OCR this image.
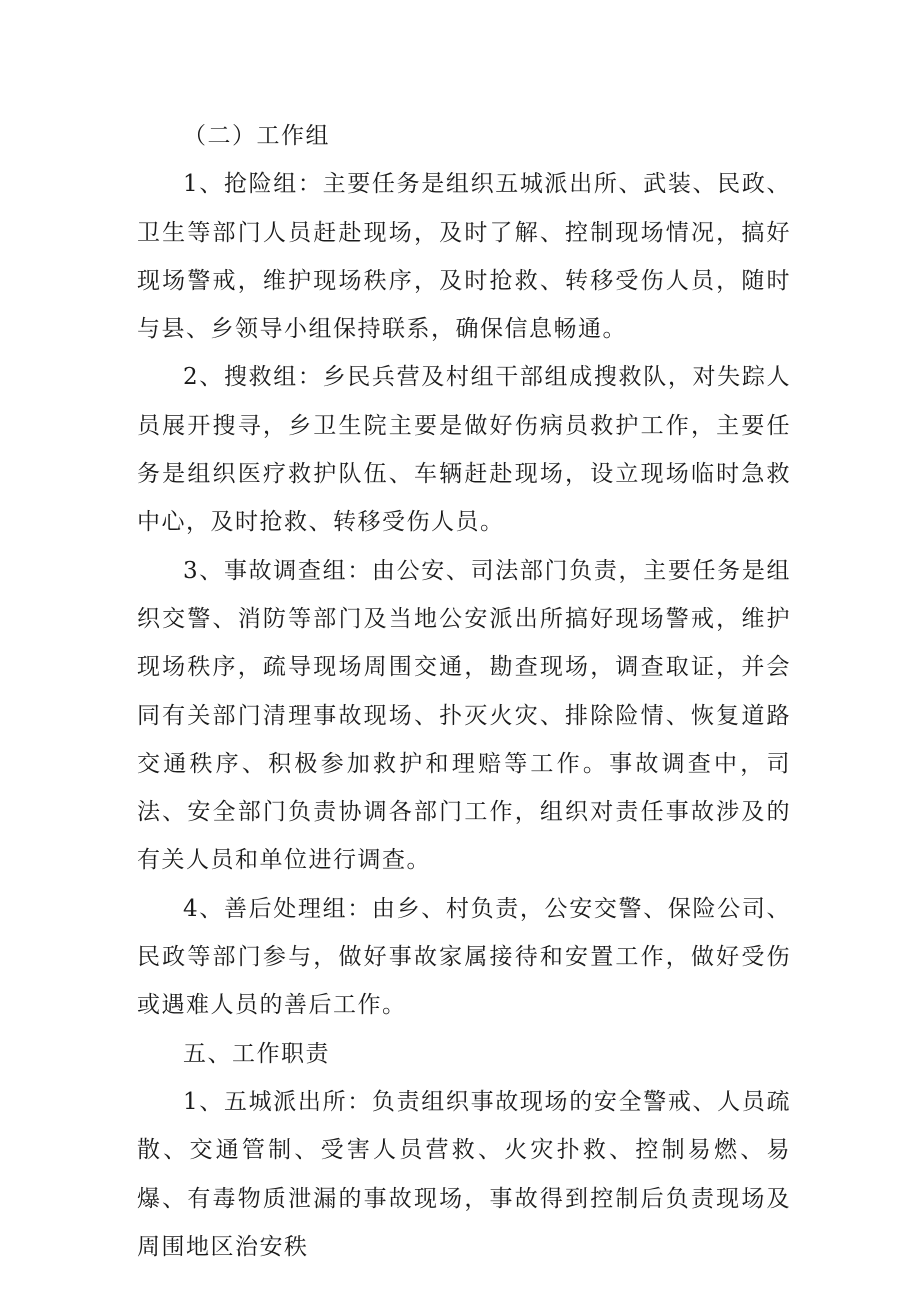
（二）工作组

1、抢险组：主要任务是组织五城派出所、武装、民政、卫生等部门人员赶赴现场，及时了解、控制现场情况，搞好现场警戒，维护现场秩序，及时抢救、转移受伤人员，随时与县、乡领导小组保持联系，确保信息畅通。

2、搜救组：乡民兵营及村组干部组成搜救队，对失踪人员展开搜寻，乡卫生院主要是做好伤病员救护工作，主要任务是组织医疗救护队伍、车辆赶赴现场，设立现场临时急救中心，及时抢救、转移受伤人员。

3、事故调查组：由公安、司法部门负责，主要任务是组织交警、消防等部门及当地公安派出所搞好现场警戒，维护现场秩序，疏导现场周围交通，勘查现场，调查取证，并会同有关部门清理事故现场、扑灭火灾、排除险情、恢复道路交通秩序、积极参加救护和理赔等工作。事故调查中，司法、安全部门负责协调各部门工作，组织对责任事故涉及的有关人员和单位进行调查。

4、善后处理组：由乡、村负责，公安交警、保险公司、民政等部门参与，做好事故家属接待和安置工作，做好受伤或遇难人员的善后工作。

五、工作职责

1、五城派出所：负责组织事故现场的安全警戒、人员疏散、交通管制、受害人员营救、火灾扑救、控制易燃、易爆、有毒物质泄漏的事故现场，事故得到控制后负责现场及周围地区治安秩
